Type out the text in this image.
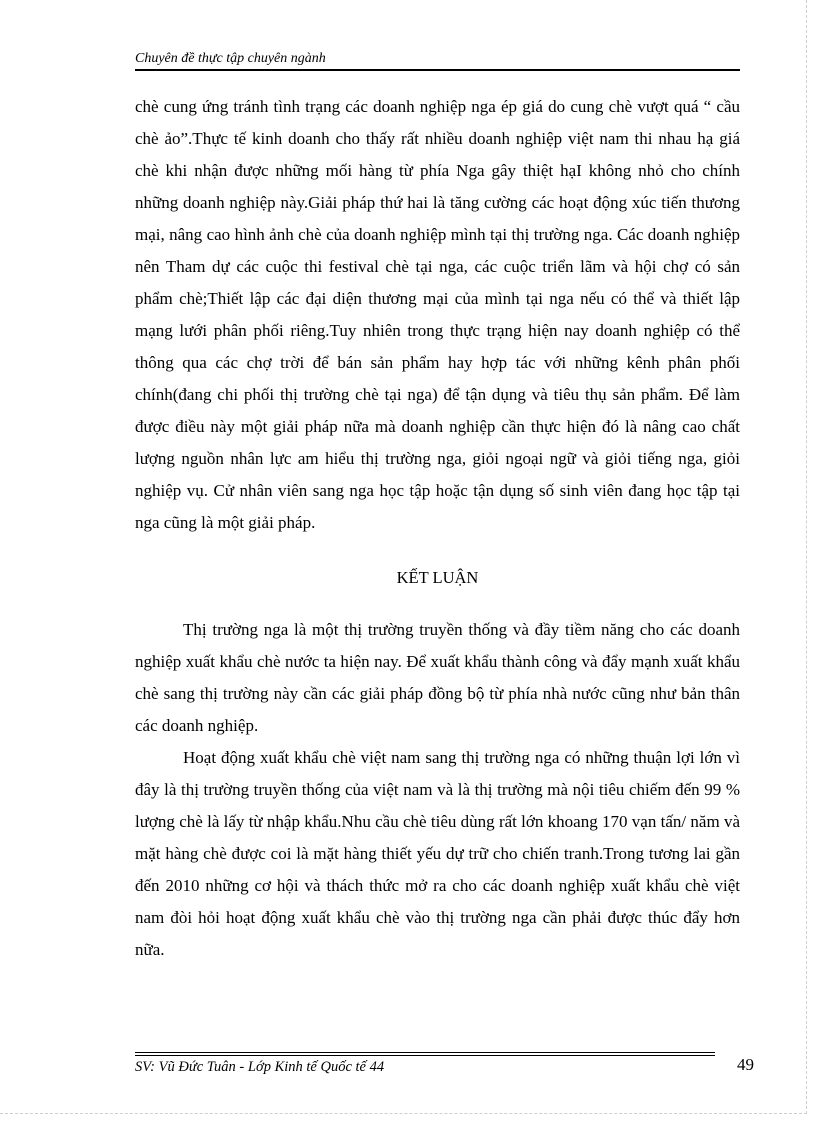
Chuyên đề thực tập chuyên ngành

chè cung ứng tránh tình trạng các doanh nghiệp nga ép giá do cung chè vượt quá “ cầu chè ảo”.Thực tế kinh doanh cho thấy rất nhiều doanh nghiệp việt nam thi nhau hạ giá chè khi nhận được những mối hàng từ phía Nga gây thiệt hạI không nhỏ cho chính những doanh nghiệp này.Giải pháp thứ hai là tăng cường các hoạt động xúc tiến thương mại, nâng cao hình ảnh chè của doanh nghiệp mình tại thị trường nga. Các doanh nghiệp nên Tham dự các cuộc thi festival chè tại nga, các cuộc triển lãm và hội chợ có sản phẩm chè;Thiết lập các đại diện thương mại của mình tại nga nếu có thể và thiết lập mạng lưới phân phối riêng.Tuy nhiên trong thực trạng hiện nay doanh nghiệp có thể thông qua các chợ trời để bán sản phẩm hay hợp tác với những kênh phân phối chính(đang chi phối thị trường chè tại nga) để tận dụng và tiêu thụ sản phẩm. Để làm được điều này một giải pháp nữa mà doanh nghiệp cần thực hiện đó là nâng cao chất lượng nguồn nhân lực am hiểu thị trường nga, giỏi ngoại ngữ và giỏi tiếng nga, giỏi nghiệp vụ. Cử nhân viên sang nga học tập hoặc tận dụng số sinh viên đang học tập tại nga cũng là một giải pháp.

KẾT LUẬN

Thị trường nga là một thị trường truyền thống và đầy tiềm năng cho các doanh nghiệp xuất khẩu chè nước ta hiện nay. Để xuất khẩu thành công và đẩy mạnh xuất khẩu chè sang thị trường này cần các giải pháp đồng bộ từ phía nhà nước cũng như bản thân các doanh nghiệp.

Hoạt động xuất khẩu chè việt nam sang thị trường nga có những thuận lợi lớn vì đây là thị trường truyền thống của việt nam và là thị trường mà nội tiêu chiếm đến 99 % lượng chè là lấy từ nhập khẩu.Nhu cầu chè tiêu dùng rất lớn khoang 170 vạn tấn/ năm và mặt hàng chè được coi là mặt hàng thiết yếu dự trữ cho chiến tranh.Trong tương lai gần đến 2010 những cơ hội và thách thức mở ra cho các doanh nghiệp xuất khẩu chè việt nam đòi hỏi hoạt động xuất khẩu chè vào thị trường nga cần phải được thúc đẩy hơn nữa.

SV: Vũ Đức Tuân - Lớp Kinh tế Quốc tế 44	49
